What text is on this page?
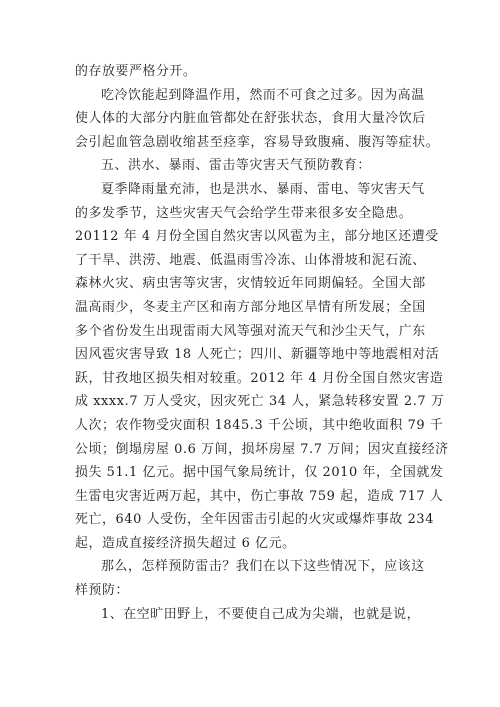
的存放要严格分开。
吃冷饮能起到降温作用，然而不可食之过多。因为高温
使人体的大部分内脏血管都处在舒张状态，食用大量冷饮后
会引起血管急剧收缩甚至痉挛，容易导致腹痛、腹泻等症状。
五、洪水、暴雨、雷击等灾害天气预防教育：
夏季降雨量充沛，也是洪水、暴雨、雷电、等灾害天气
的多发季节，这些灾害天气会给学生带来很多安全隐患。
20112 年 4 月份全国自然灾害以风雹为主，部分地区还遭受
了干旱、洪涝、地震、低温雨雪冷冻、山体滑坡和泥石流、
森林火灾、病虫害等灾害，灾情较近年同期偏轻。全国大部
温高雨少，冬麦主产区和南方部分地区旱情有所发展；全国
多个省份发生出现雷雨大风等强对流天气和沙尘天气，广东
因风雹灾害导致 18 人死亡；四川、新疆等地中等地震相对活
跃，甘孜地区损失相对较重。2012 年 4 月份全国自然灾害造
成 xxxx.7 万人受灾，因灾死亡 34 人，紧急转移安置 2.7 万
人次；农作物受灾面积 1845.3 千公顷，其中绝收面积 79 千
公顷；倒塌房屋 0.6 万间，损坏房屋 7.7 万间；因灾直接经济
损失 51.1 亿元。据中国气象局统计，仅 2010 年，全国就发
生雷电灾害近两万起，其中，伤亡事故 759 起，造成 717 人
死亡，640 人受伤，全年因雷击引起的火灾或爆炸事故 234
起，造成直接经济损失超过 6 亿元。
那么，怎样预防雷击？我们在以下这些情况下，应该这
样预防：
1、在空旷田野上，不要使自己成为尖端，也就是说，
